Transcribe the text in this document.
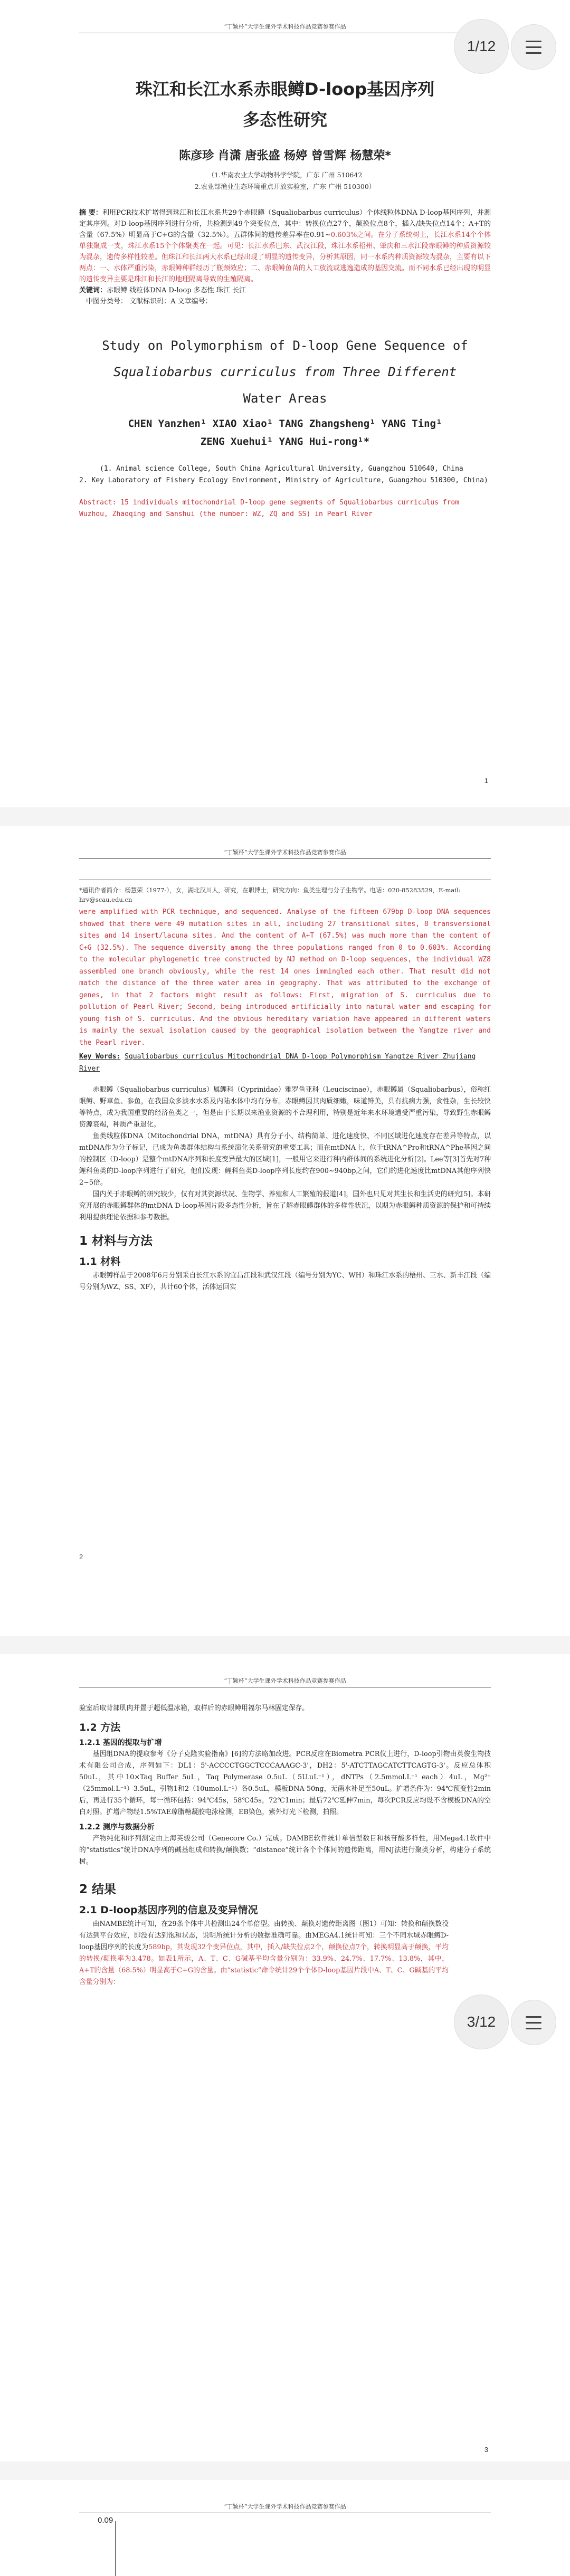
“丁颖杯”大学生课外学术科技作品竞赛参赛作品
1/12
珠江和长江水系赤眼鳟D-loop基因序列
多态性研究
陈彦珍 肖潇 唐张盛 杨婷 曾雪辉 杨慧荣*
（1.华南农业大学动物科学学院，广东 广州 510642
2.农业部渔业生态环境重点开放实验室，广东 广州 510300）
摘 要：利用PCR技术扩增得到珠江和长江水系共29个赤眼鳟（Squaliobarbus curriculus）个体线粒体DNA D-loop基因序列，并测定其序列。对D-loop基因序列进行分析，共检测到49个突变位点，其中：转换位点27个，颠换位点8个，插入/缺失位点14个；A+T的含量（67.5%）明显高于C+G的含量（32.5%）。五群体间的遗传差异率在0.91~0.603%之间。在分子系统树上，长江水系14个个体单独聚成一支，珠江水系15个个体聚类在一起。可见：长江水系巴东、武汉江段，珠江水系梧州、肇庆和三水江段赤眼鳟的种质资源较为混杂，遗传多样性较差。但珠江和长江两大水系已经出现了明显的遗传变异，分析其原因，同一水系内种质资源较为混杂，主要有以下两点：一、水体严重污染，赤眼鳟种群经历了瓶颈效应；二、赤眼鳟鱼苗的人工放流或逃逸造成的基因交流。而不同水系已经出现的明显的遗传变异主要是珠江和长江的地理隔离导致的生殖隔离。
关键词：赤眼鳟 线粒体DNA D-loop 多态性 珠江 长江
中图分类号： 文献标识码：A 文章编号：
Study on Polymorphism of D-loop Gene Sequence of
Squaliobarbus curriculus from Three Different
Water Areas
CHEN Yanzhen¹ XIAO Xiao¹ TANG Zhangsheng¹ YANG Ting¹
ZENG Xuehui¹ YANG Hui-rong¹*
(1. Animal science College, South China Agricultural University, Guangzhou 510640, China
2. Key Laboratory of Fishery Ecology Environment, Ministry of Agriculture, Guangzhou 510300, China)
Abstract: 15 individuals mitochondrial D-loop gene segments of Squaliobarbus curriculus from Wuzhou, Zhaoqing and Sanshui (the number: WZ, ZQ and SS) in Pearl River
1
“丁颖杯”大学生课外学术科技作品竞赛参赛作品
*通讯作者简介：杨慧荣（1977-），女，湖北汉川人，研究，在职博士，研究方向：鱼类生理与分子生物学。电话：020-85283529，E-mail: hrv@scau.edu.cn
were amplified with PCR technique, and sequenced. Analyse of the fifteen 679bp D-loop DNA sequences showed that there were 49 mutation sites in all, including 27 transitional sites, 8 transversional sites and 14 insert/lacuna sites. And the content of A+T (67.5%) was much more than the content of C+G (32.5%). The sequence diversity among the three populations ranged from 0 to 0.603%. According to the molecular phylogenetic tree constructed by NJ method on D-loop sequences, the individual WZ8 assembled one branch obviously, while the rest 14 ones immingled each other. That result did not match the distance of the three water area in geography. That was attributed to the exchange of genes, in that 2 factors might result as follows: First, migration of S. curriculus due to pollution of Pearl River; Second, being introduced artificially into natural water and escaping for young fish of S. curriculus. And the obvious hereditary variation have appeared in different waters is mainly the sexual isolation caused by the geographical isolation between the Yangtze river and the Pearl river.
Key Words: Squaliobarbus curriculus Mitochondrial DNA D-loop Polymorphism Yangtze River Zhujiang River

赤眼鳟（Squaliobarbus curriculus）属鲤科（Cyprinidae）雅罗鱼亚科（Leuciscinae），赤眼鳟属（Squaliobarbus），俗称红眼鳟、野草鱼、参鱼，在我国众多淡水水系及内陆水体中均有分布。赤眼鳟因其肉质细嫩，味道鲜美，具有抗病力强，食性杂，生长较快等特点，成为我国重要的经济鱼类之一，但是由于长期以来渔业资源的不合理利用，特别是近年来水环境遭受严重污染，导致野生赤眼鳟资源衰竭，种质严重退化。

鱼类线粒体DNA（Mitochondrial DNA，mtDNA）具有分子小、结构简单、进化速度快、不同区域进化速度存在差异等特点，以mtDNA作为分子标记，已成为鱼类群体结构与系统演化关系研究的重要工具；而在mtDNA上，位于tRNA^Pro和tRNA^Phe基因之间的控制区（D-loop）是整个mtDNA序列和长度变异最大的区域[1]，一般用它来进行种内群体间的系统进化分析[2]。Lee等[3]首先对7种鲤科鱼类的D-loop序列进行了研究，他们发现：鲤科鱼类D-loop序列长度约在900~940bp之间，它们的进化速度比mtDNA其他序列快2~5倍。

国内关于赤眼鳟的研究较少，仅有对其资源状况、生物学、养殖和人工繁殖的报道[4]，国外也只见对其生长和生活史的研究[5]。本研究开展的赤眼鳟群体的mtDNA D-loop基因片段多态性分析，旨在了解赤眼鳟群体的多样性状况，以期为赤眼鳟种质资源的保护和可持续利用提供理论依据和参考数据。

1 材料与方法
1.1 材料

赤眼鳟样品于2008年6月分别采自长江水系的宜昌江段和武汉江段（编号分别为YC、WH）和珠江水系的梧州、三水、新丰江段（编号分别为WZ、SS、XF），共计60个体，活体运回实

2
“丁颖杯”大学生课外学术科技作品竞赛参赛作品
3/12

验室后取背部肌肉并置于超低温冰箱，取样后的赤眼鳟用福尔马林固定保存。

1.2 方法
1.2.1 基因的提取与扩增

基因组DNA的提取参考《分子克隆实验指南》[6]的方法略加改进。PCR反应在Biometra PCR仪上进行，D-loop引物由英俊生物技术有限公司合成，序列如下：DL1：5'-ACCCCTGGCTCCCAAAGC-3'，DH2：5'-ATCTTAGCATCTTCAGTG-3'。反应总体积50uL，其中10×Taq Buffer 5uL，Taq Polymerase 0.5uL（5U.uL⁻¹），dNTPs（2.5mmol.L⁻¹ each）4uL，Mg²⁺（25mmol.L⁻¹）3.5uL，引物1和2（10umol.L⁻¹）各0.5uL，模板DNA 50ng，无菌水补足至50uL。扩增条件为：94℃预变性2min后，再进行35个循环，每一循环包括：94℃45s，58℃45s，72℃1min；最后72℃延伸7min，每次PCR反应均设不含模板DNA的空白对照。扩增产物经1.5%TAE琼脂糖凝胶电泳检测，EB染色，紫外灯光下检测，拍照。

1.2.2 测序与数据分析

产物纯化和序列测定由上海英骏公司（Genecore Co.）完成。DAMBE软件统计单倍型数目和核苷酸多样性，用Mega4.1软件中的“statistics”统计DNA序列的碱基组成和转换/颠换数；“distance”统计各个个体间的遗传距离，用NJ法进行聚类分析，构建分子系统树。

2 结果
2.1 D-loop基因序列的信息及变异情况

由NAMBE统计可知，在29条个体中共检测出24个单倍型。由转换、颠换对遗传距离图（图1）可知：转换和颠换数没有达到平台效应，即没有达到饱和状态，说明所统计分析的数据准确可靠。由MEGA4.1统计可知：三个不同水域赤眼鳟D-loop基因序列的长度为589bp，其发现32个变异位点，其中，插入/缺失位点2个，颠换位点7个，转换明显高于颠换，平均的转换/颠换率为3.478。如表1所示，A、T、C、G碱基平均含量分别为：33.9%、24.7%、17.7%、13.8%，其中，A+T的含量（68.5%）明显高于C+G的含量。由“statistic”命令统计29个个体D-loop基因片段中A、T、C、G碱基的平均含量分别为：

3
“丁颖杯”大学生课外学术科技作品竞赛参赛作品
0.09
